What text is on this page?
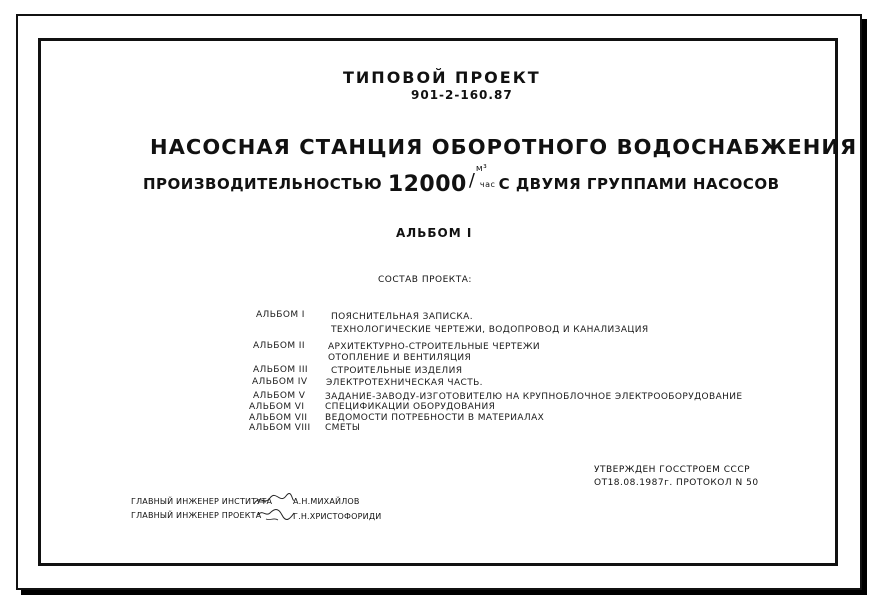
ТИПОВОЙ ПРОЕКТ
901-2-160.87
НАСОСНАЯ СТАНЦИЯ ОБОРОТНОГО ВОДОСНАБЖЕНИЯ
ПРОИЗВОДИТЕЛЬНОСТЬЮ 12000
м³
/ час С ДВУМЯ ГРУППАМИ НАСОСОВ
АЛЬБОМ I
СОСТАВ ПРОЕКТА:
АЛЬБОМ I	ПОЯСНИТЕЛЬНАЯ ЗАПИСКА.
ТЕХНОЛОГИЧЕСКИЕ ЧЕРТЕЖИ, ВОДОПРОВОД И КАНАЛИЗАЦИЯ
АЛЬБОМ II	АРХИТЕКТУРНО-СТРОИТЕЛЬНЫЕ ЧЕРТЕЖИ
ОТОПЛЕНИЕ И ВЕНТИЛЯЦИЯ
АЛЬБОМ III	СТРОИТЕЛЬНЫЕ ИЗДЕЛИЯ
АЛЬБОМ IV ЭЛЕКТРОТЕХНИЧЕСКАЯ ЧАСТЬ.
АЛЬБОМ V ЗАДАНИЕ-ЗАВОДУ-ИЗГОТОВИТЕЛЮ НА КРУПНОБЛОЧНОЕ ЭЛЕКТРООБОРУДОВАНИЕ
АЛЬБОМ VI СПЕЦИФИКАЦИИ ОБОРУДОВАНИЯ
АЛЬБОМ VII ВЕДОМОСТИ ПОТРЕБНОСТИ В МАТЕРИАЛАХ
АЛЬБОМ VIII СМЕТЫ
УТВЕРЖДЕН ГОССТРОЕМ СССР
ОТ18.08.1987г. ПРОТОКОЛ N 50
ГЛАВНЫЙ ИНЖЕНЕР ИНСТИТУТА	А.Н.МИХАЙЛОВ
ГЛАВНЫЙ ИНЖЕНЕР ПРОЕКТА	Г.Н.ХРИСТОФОРИДИ
